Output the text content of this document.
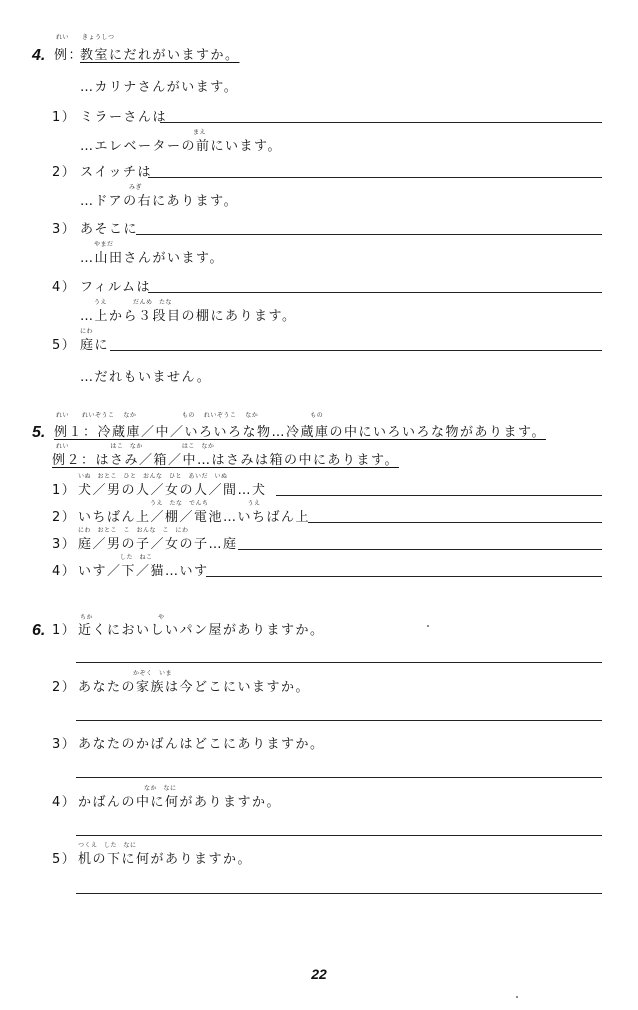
れい きょうしつ
4. 例：
教室にだれがいますか。
…カリナさんがいます。
1） ミラーさんは
まえ
…エレベーターの前にいます。
2） スイッチは
みぎ
…ドアの右にあります。
3） あそこに
やまだ
…山田さんがいます。
4） フィルムは
うえ　　　　だんめ　たな
…上から３段目の棚にあります。
にわ
5） 庭に
…だれもいません。
れい　　れいぞうこ　 なか　　　　　　　もの　 れいぞうこ　 なか　　　　　　　　もの
5. 例１：冷蔵庫／中／いろいろな物…冷蔵庫の中にいろいろな物があります。
れい　　　　　　 はこ　なか　　　　　　はこ　なか
例２：はさみ／箱／中…はさみは箱の中にあります。
いぬ　おとこ　ひと　おんな　ひと　あいだ　いぬ
1） 犬／男の人／女の人／間…犬
うえ　たな　でんち　　　　　　うえ
2） いちばん上／棚／電池…いちばん上
にわ　おとこ　こ　おんな　こ　にわ
3） 庭／男の子／女の子…庭
した　ねこ
4） いす／下／猫…いす
6.
ちか　　　　　　　　　　や
1） 近くにおいしいパン屋がありますか。
かぞく　いま
2） あなたの家族は今どこにいますか。
3） あなたのかばんはどこにありますか。
なか　なに
4） かばんの中に何がありますか。
つくえ　した　なに
5） 机の下に何がありますか。
22
